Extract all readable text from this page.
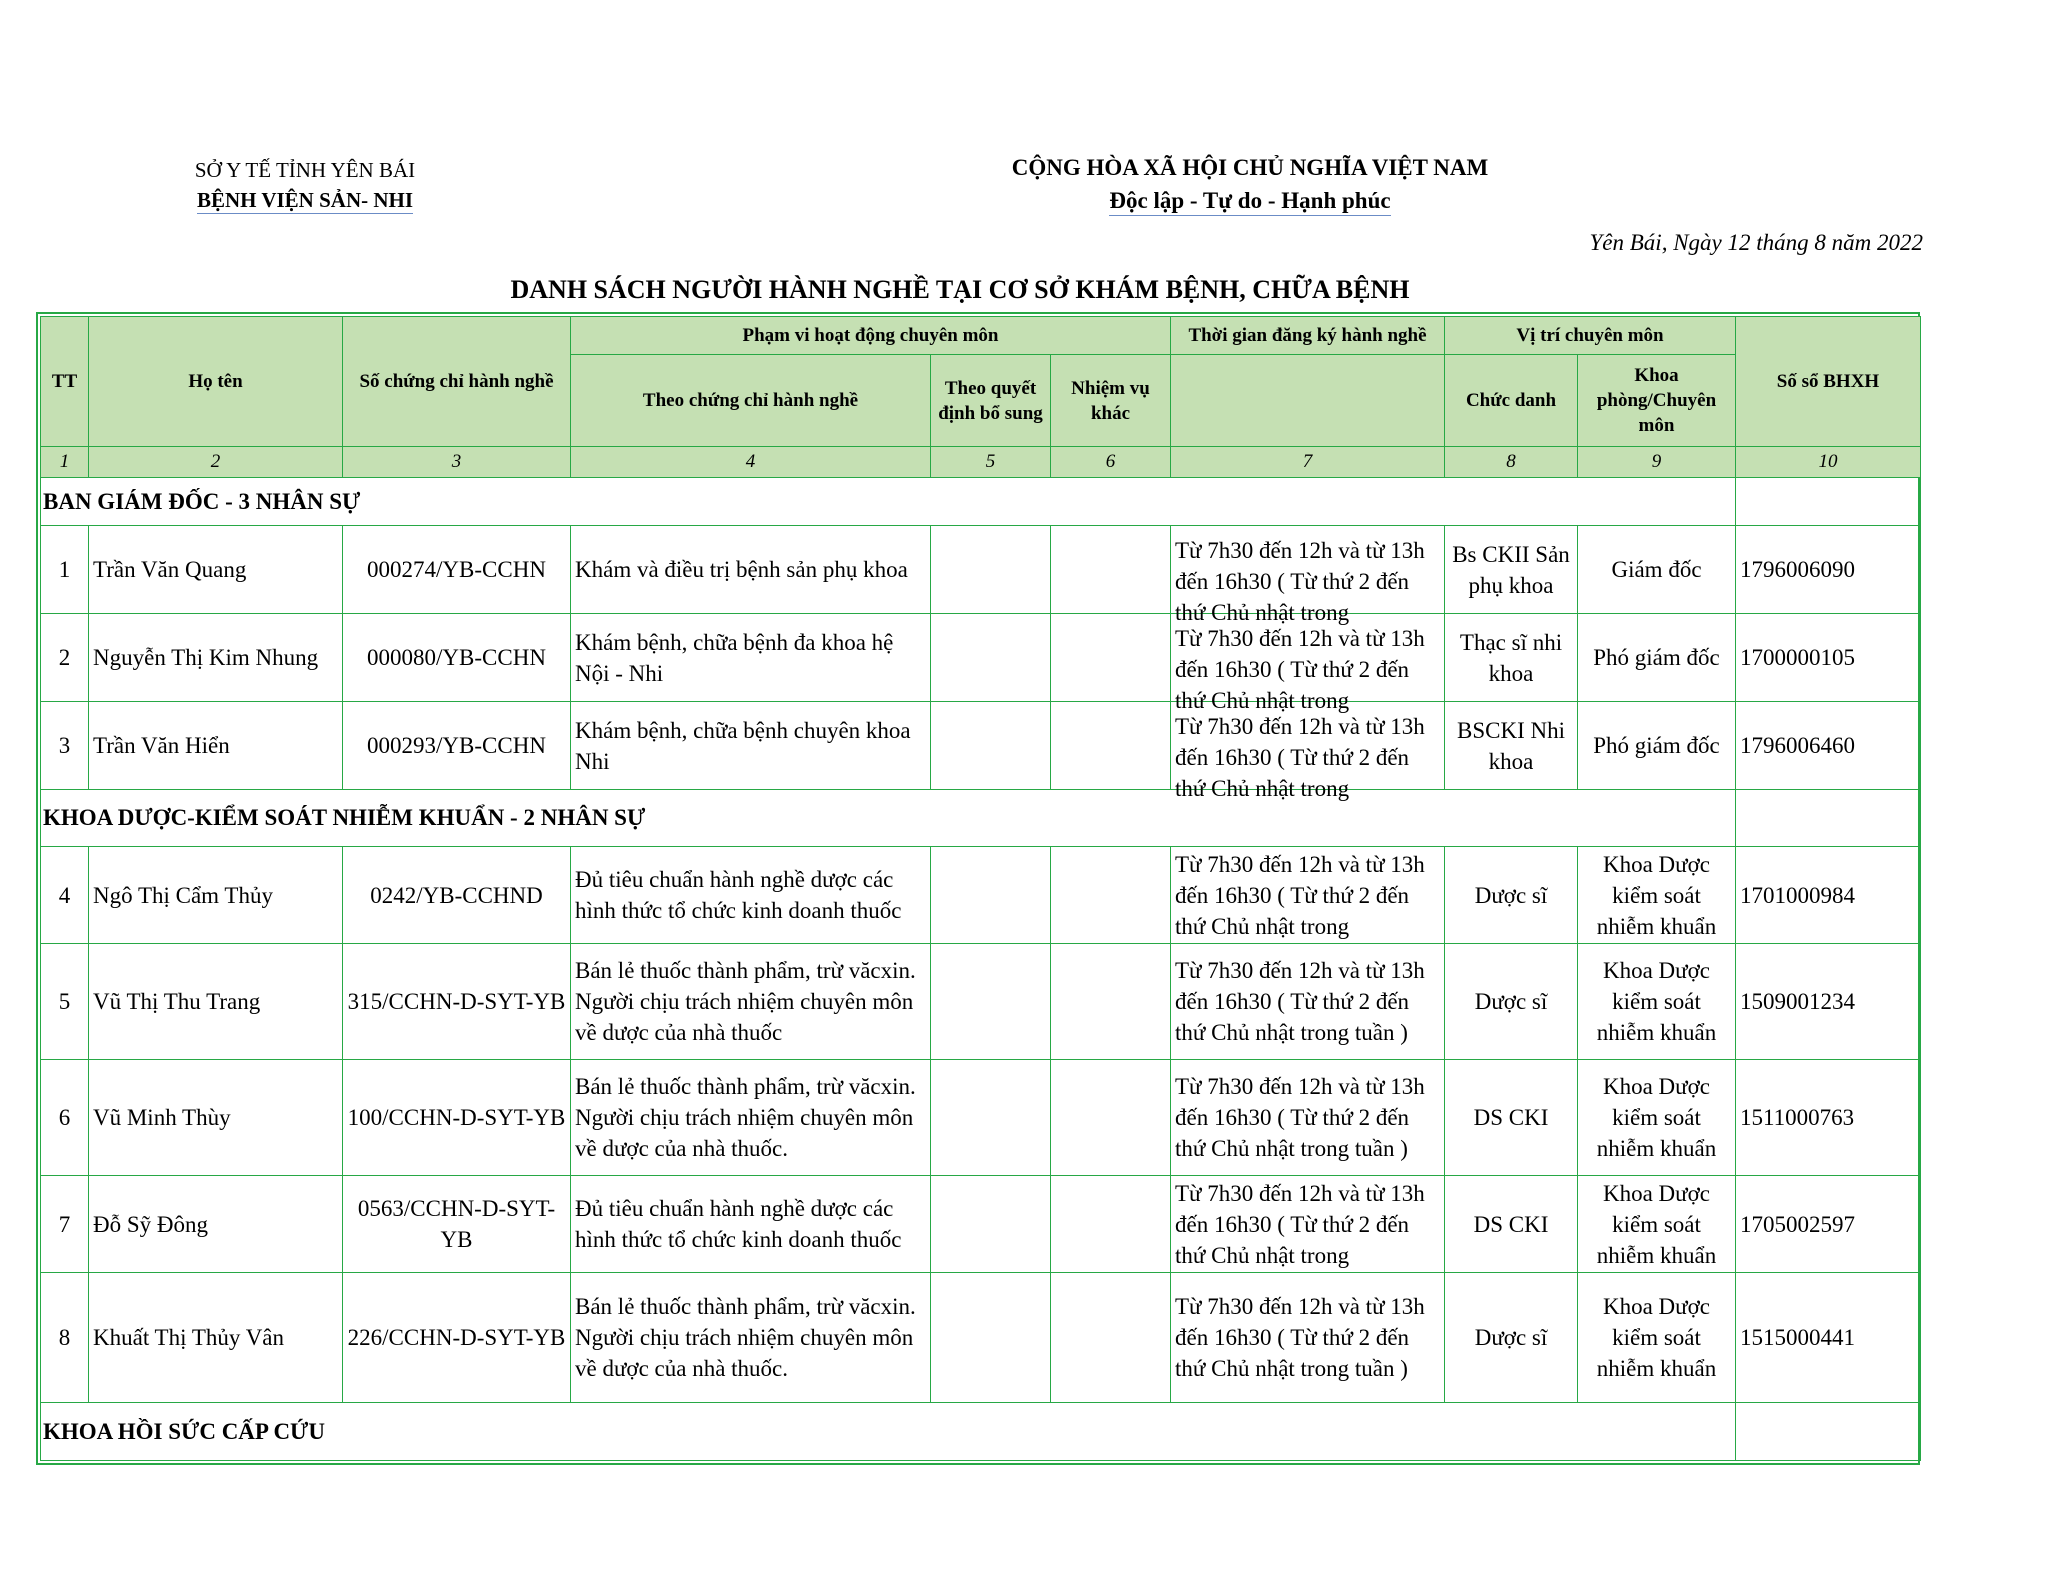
SỞ Y TẾ TỈNH YÊN BÁI
BỆNH VIỆN SẢN- NHI
CỘNG HÒA XÃ HỘI CHỦ NGHĨA VIỆT NAM
Độc lập - Tự do - Hạnh phúc
Yên Bái, Ngày 12 tháng 8 năm 2022
DANH SÁCH NGƯỜI HÀNH NGHỀ TẠI CƠ SỞ KHÁM BỆNH, CHỮA BỆNH
TT	Họ tên	Số chứng chỉ hành nghề	Phạm vi hoạt động chuyên môn			Thời gian đăng ký hành nghề	Vị trí chuyên môn		Số sổ BHXH
			Theo chứng chỉ hành nghề	Theo quyết định bổ sung	Nhiệm vụ khác		Chức danh	Khoa phòng/Chuyên môn	
1	2	3	4	5	6	7	8	9	10
BAN GIÁM ĐỐC - 3 NHÂN SỰ									

1	Trần Văn Quang	000274/YB-CCHN	Khám và điều trị bệnh sản phụ khoa			Từ 7h30 đến 12h và từ 13h đến 16h30 ( Từ thứ 2 đến thứ Chủ nhật trong	Bs CKII Sản phụ khoa	Giám đốc	1796006090

2	Nguyễn Thị Kim Nhung	000080/YB-CCHN	Khám bệnh, chữa bệnh đa khoa hệ Nội - Nhi			Từ 7h30 đến 12h và từ 13h đến 16h30 ( Từ thứ 2 đến thứ Chủ nhật trong	Thạc sĩ nhi khoa	Phó giám đốc	1700000105

3	Trần Văn Hiển	000293/YB-CCHN	Khám bệnh, chữa bệnh chuyên khoa Nhi			Từ 7h30 đến 12h và từ 13h đến 16h30 ( Từ thứ 2 đến thứ Chủ nhật trong	BSCKI Nhi khoa	Phó giám đốc	1796006460

KHOA DƯỢC-KIỂM SOÁT NHIỄM KHUẨN - 2 NHÂN SỰ									

4	Ngô Thị Cẩm Thủy	0242/YB-CCHND	Đủ tiêu chuẩn hành nghề dược các hình thức tổ chức kinh doanh thuốc			Từ 7h30 đến 12h và từ 13h đến 16h30 ( Từ thứ 2 đến thứ Chủ nhật trong	Dược sĩ	Khoa Dược kiểm soát nhiễm khuẩn	1701000984

5	Vũ Thị Thu Trang	315/CCHN-D-SYT-YB	Bán lẻ thuốc thành phẩm, trừ văcxin. Người chịu trách nhiệm chuyên môn về dược của nhà thuốc			Từ 7h30 đến 12h và từ 13h đến 16h30 ( Từ thứ 2 đến thứ Chủ nhật trong tuần )	Dược sĩ	Khoa Dược kiểm soát nhiễm khuẩn	1509001234

6	Vũ Minh Thùy	100/CCHN-D-SYT-YB	Bán lẻ thuốc thành phẩm, trừ văcxin. Người chịu trách nhiệm chuyên môn về dược của nhà thuốc.			Từ 7h30 đến 12h và từ 13h đến 16h30 ( Từ thứ 2 đến thứ Chủ nhật trong tuần )	DS CKI	Khoa Dược kiểm soát nhiễm khuẩn	1511000763

7	Đỗ Sỹ Đông	0563/CCHN-D-SYT-YB	Đủ tiêu chuẩn hành nghề dược các hình thức tổ chức kinh doanh thuốc			Từ 7h30 đến 12h và từ 13h đến 16h30 ( Từ thứ 2 đến thứ Chủ nhật trong	DS CKI	Khoa Dược kiểm soát nhiễm khuẩn	1705002597

8	Khuất Thị Thủy Vân	226/CCHN-D-SYT-YB	Bán lẻ thuốc thành phẩm, trừ văcxin. Người chịu trách nhiệm chuyên môn về dược của nhà thuốc.			Từ 7h30 đến 12h và từ 13h đến 16h30 ( Từ thứ 2 đến thứ Chủ nhật trong tuần )	Dược sĩ	Khoa Dược kiểm soát nhiễm khuẩn	1515000441

KHOA HỒI SỨC CẤP CỨU									
